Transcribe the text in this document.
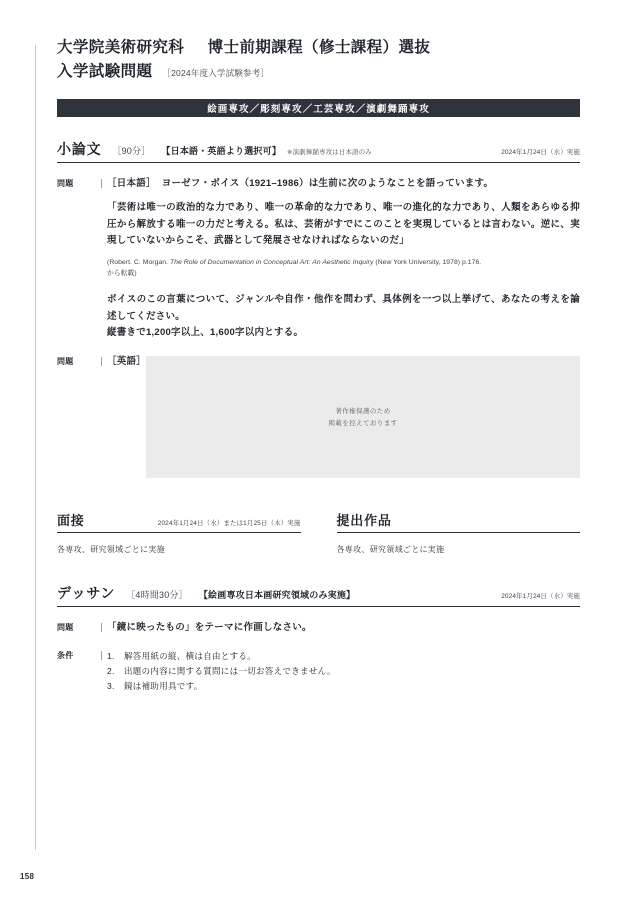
大学院美術研究科 博士前期課程（修士課程）選抜
入学試験問題 ［2024年度入学試験参考］
絵画専攻／彫刻専攻／工芸専攻／演劇舞踊専攻
小論文 ［90分］ 【日本語・英語より選択可】 ※演劇舞踊専攻は日本語のみ	2024年1月24日（水）実施
問題	［日本語］ ヨーゼフ・ボイス（1921–1986）は生前に次のようなことを語っています。
「芸術は唯一の政治的な力であり、唯一の革命的な力であり、唯一の進化的な力であり、人類をあらゆる抑圧から解放する唯一の力だと考える。私は、芸術がすでにこのことを実現しているとは言わない。逆に、実現していないからこそ、武器として発展させなければならないのだ」
(Robert. C. Morgan. The Role of Documentation in Conceptual Art: An Aesthetic Inquiry (New York University, 1978) p.176.
から転載)
ボイスのこの言葉について、ジャンルや自作・他作を問わず、具体例を一つ以上挙げて、あなたの考えを論述してください。
縦書きで1,200字以上、1,600字以内とする。
問題	［英語］
著作権保護のため
掲載を控えております
面接	2024年1月24日（水）または1月25日（木）実施
各専攻、研究領域ごとに実施
提出作品
各専攻、研究領域ごとに実施
デッサン ［4時間30分］ 【絵画専攻日本画研究領域のみ実施】	2024年1月24日（水）実施
問題	「鏡に映ったもの」をテーマに作画しなさい。
条件	1.	解答用紙の縦、横は自由とする。
2.	出題の内容に関する質問には一切お答えできません。
3.	鏡は補助用具です。
158
